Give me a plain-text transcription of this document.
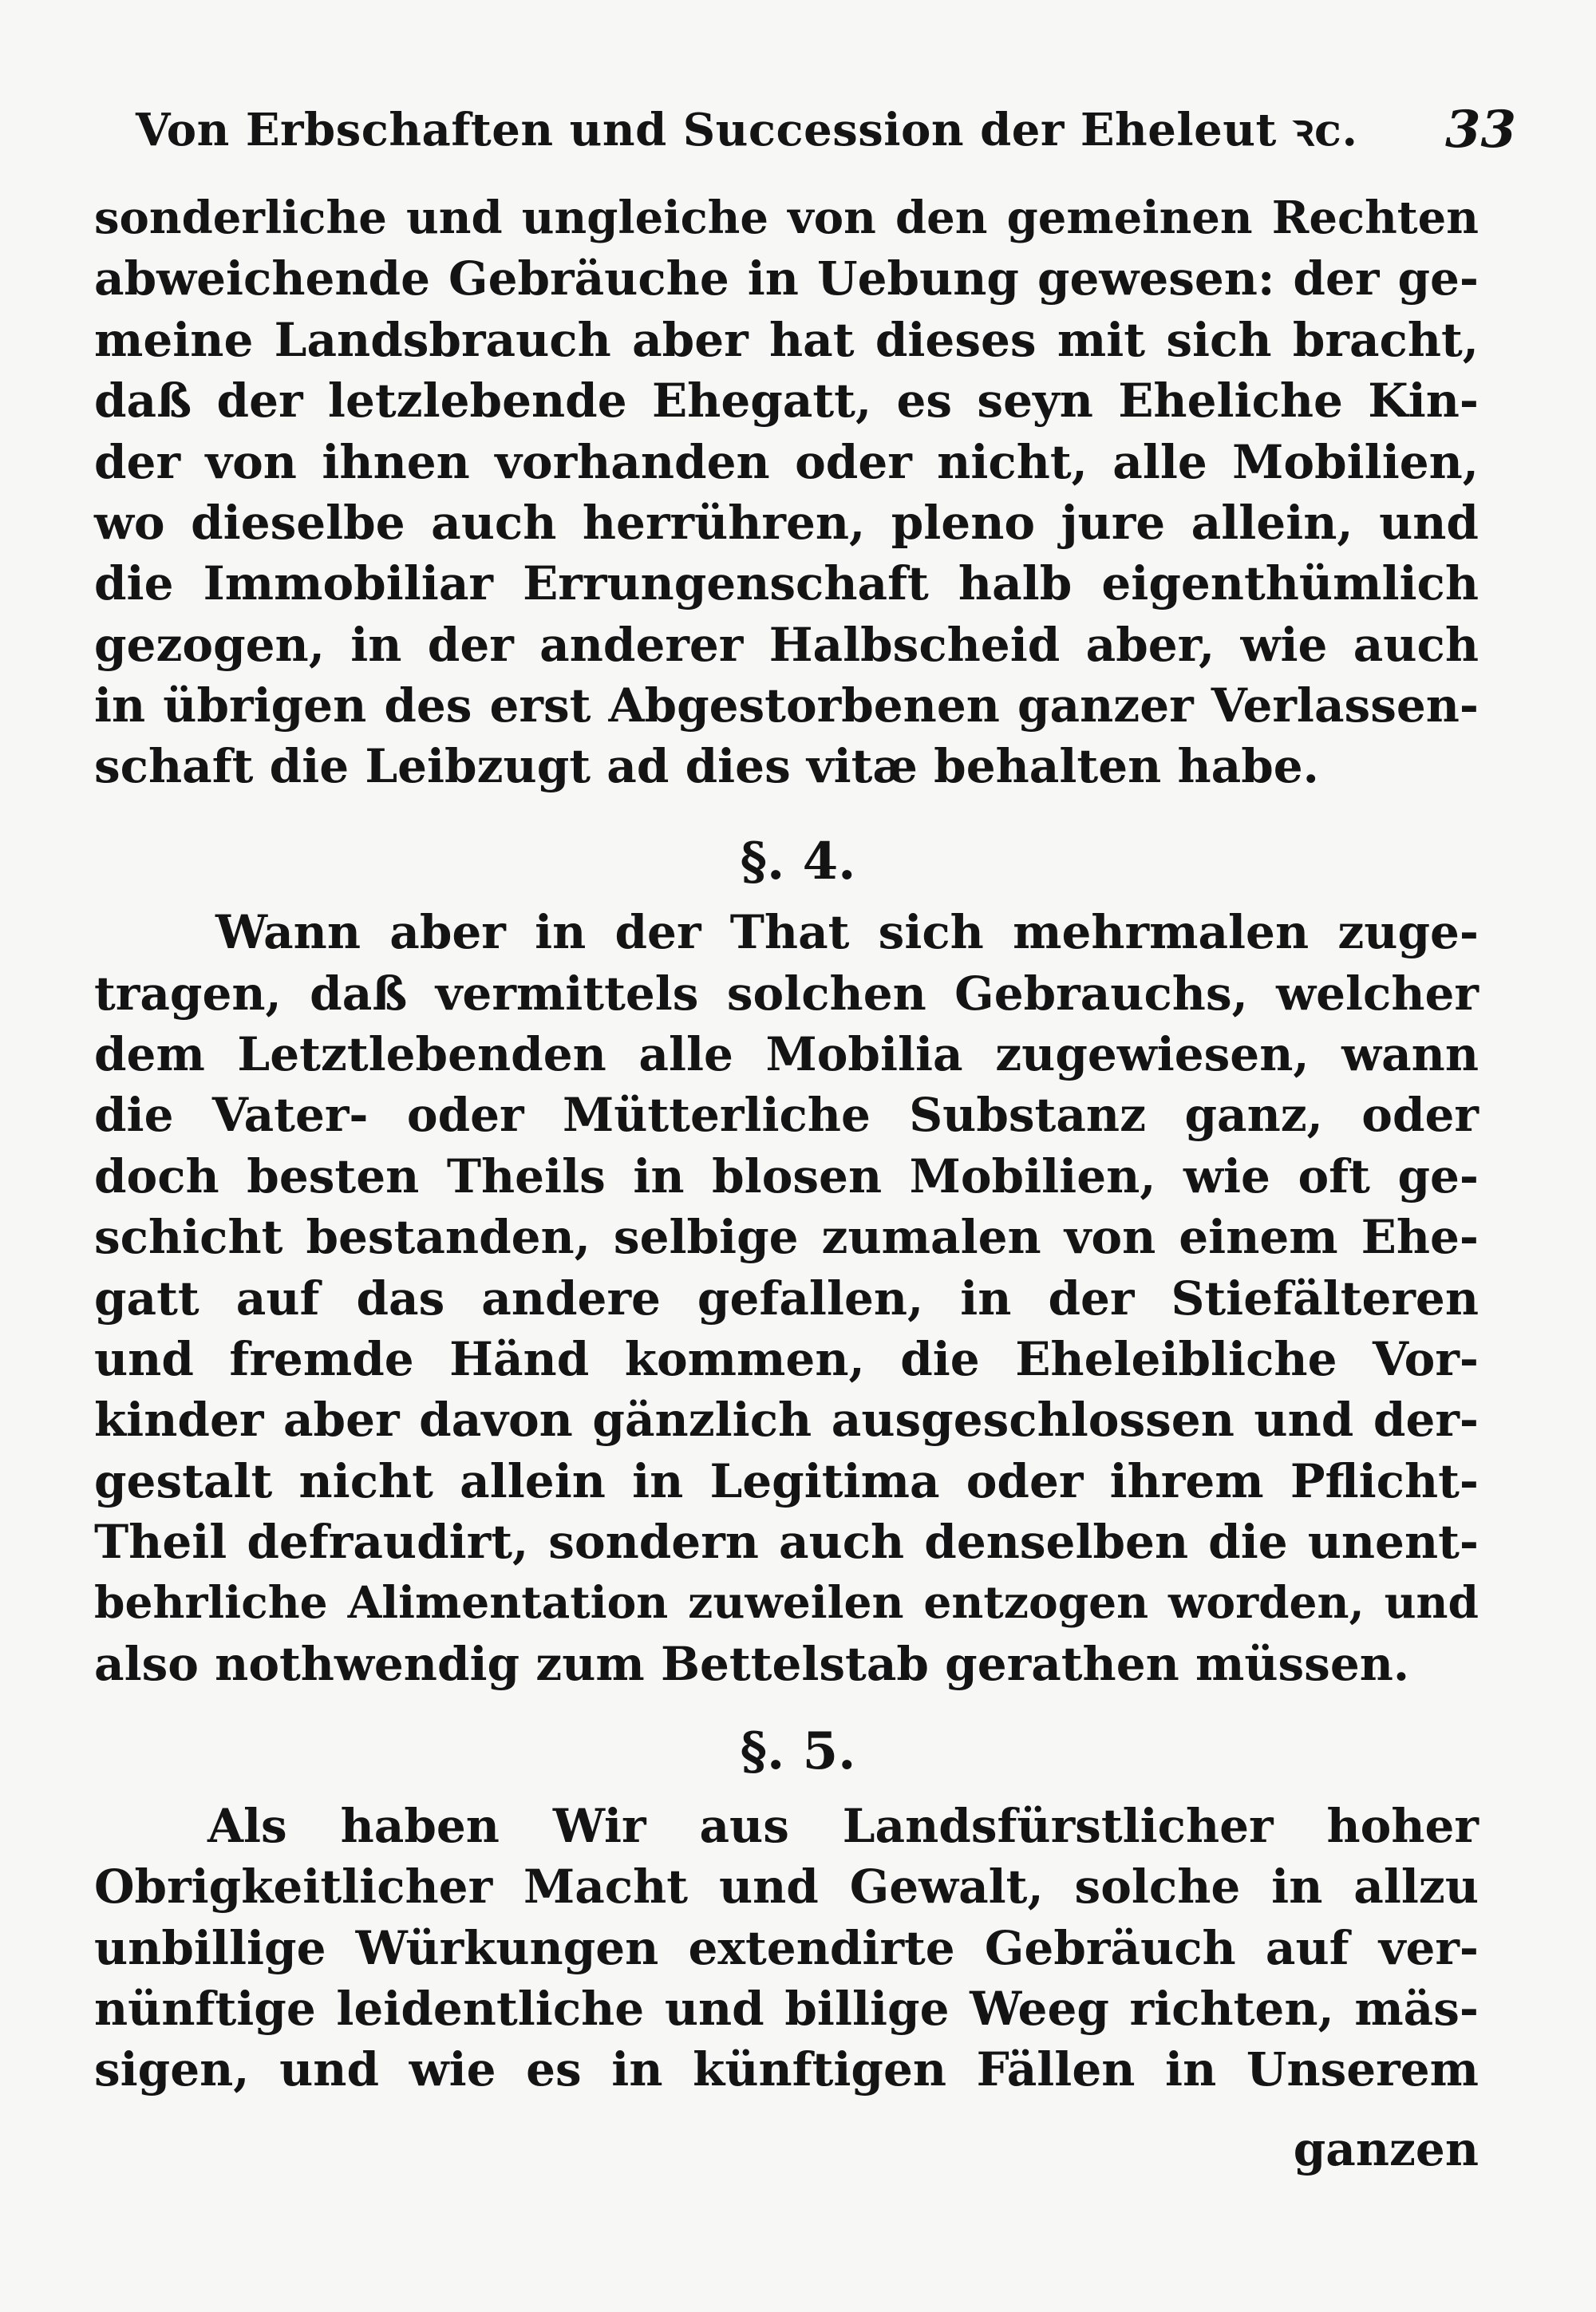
Von Erbschaften und Succession der Eheleut ꝛc. 33
sonderliche und ungleiche von den gemeinen Rechten
abweichende Gebräuche in Uebung gewesen: der ge-
meine Landsbrauch aber hat dieses mit sich bracht,
daß der letzlebende Ehegatt, es seyn Eheliche Kin-
der von ihnen vorhanden oder nicht, alle Mobilien,
wo dieselbe auch herrühren, pleno jure allein, und
die Immobiliar Errungenschaft halb eigenthümlich
gezogen, in der anderer Halbscheid aber, wie auch
in übrigen des erst Abgestorbenen ganzer Verlassen-
schaft die Leibzugt ad dies vitæ behalten habe.
§. 4.
Wann aber in der That sich mehrmalen zuge-
tragen, daß vermittels solchen Gebrauchs, welcher
dem Letztlebenden alle Mobilia zugewiesen, wann
die Vater- oder Mütterliche Substanz ganz, oder
doch besten Theils in blosen Mobilien, wie oft ge-
schicht bestanden, selbige zumalen von einem Ehe-
gatt auf das andere gefallen, in der Stiefälteren
und fremde Händ kommen, die Eheleibliche Vor-
kinder aber davon gänzlich ausgeschlossen und der-
gestalt nicht allein in Legitima oder ihrem Pflicht-
Theil defraudirt, sondern auch denselben die unent-
behrliche Alimentation zuweilen entzogen worden, und
also nothwendig zum Bettelstab gerathen müssen.
§. 5.
Als haben Wir aus Landsfürstlicher hoher
Obrigkeitlicher Macht und Gewalt, solche in allzu
unbillige Würkungen extendirte Gebräuch auf ver-
nünftige leidentliche und billige Weeg richten, mäs-
sigen, und wie es in künftigen Fällen in Unserem
ganzen
